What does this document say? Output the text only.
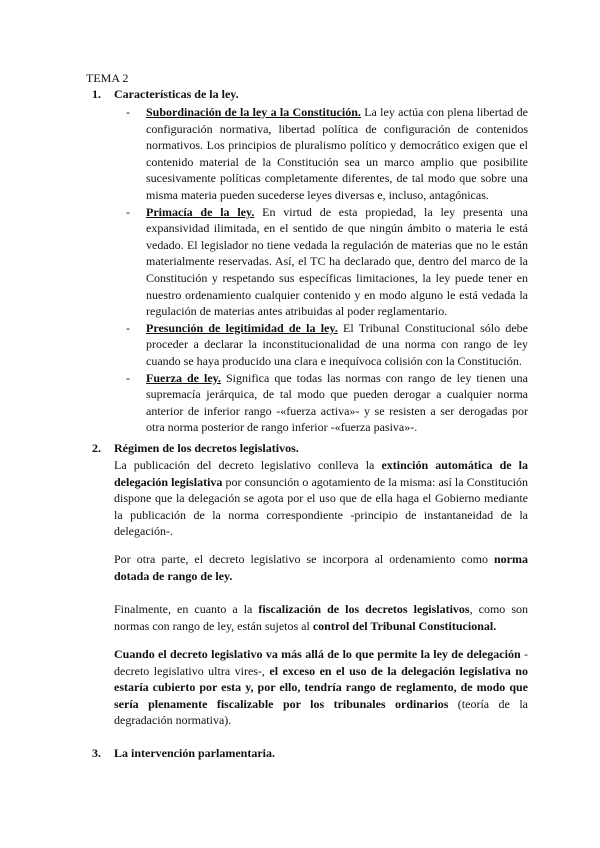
TEMA 2
1. Características de la ley.
- Subordinación de la ley a la Constitución. La ley actúa con plena libertad de configuración normativa, libertad política de configuración de contenidos normativos. Los principios de pluralismo político y democrático exigen que el contenido material de la Constitución sea un marco amplio que posibilite sucesivamente políticas completamente diferentes, de tal modo que sobre una misma materia pueden sucederse leyes diversas e, incluso, antagónicas.
- Primacía de la ley. En virtud de esta propiedad, la ley presenta una expansividad ilimitada, en el sentido de que ningún ámbito o materia le está vedado. El legislador no tiene vedada la regulación de materias que no le están materialmente reservadas. Así, el TC ha declarado que, dentro del marco de la Constitución y respetando sus específicas limitaciones, la ley puede tener en nuestro ordenamiento cualquier contenido y en modo alguno le está vedada la regulación de materias antes atribuidas al poder reglamentario.
- Presunción de legitimidad de la ley. El Tribunal Constitucional sólo debe proceder a declarar la inconstitucionalidad de una norma con rango de ley cuando se haya producido una clara e inequívoca colisión con la Constitución.
- Fuerza de ley. Significa que todas las normas con rango de ley tienen una supremacía jerárquica, de tal modo que pueden derogar a cualquier norma anterior de inferior rango -«fuerza activa»- y se resisten a ser derogadas por otra norma posterior de rango inferior -«fuerza pasiva»-.
2. Régimen de los decretos legislativos.
La publicación del decreto legislativo conlleva la extinción automática de la delegación legislativa por consunción o agotamiento de la misma: así la Constitución dispone que la delegación se agota por el uso que de ella haga el Gobierno mediante la publicación de la norma correspondiente -principio de instantaneidad de la delegación-.
Por otra parte, el decreto legislativo se incorpora al ordenamiento como norma dotada de rango de ley.
Finalmente, en cuanto a la fiscalización de los decretos legislativos, como son normas con rango de ley, están sujetos al control del Tribunal Constitucional.
Cuando el decreto legislativo va más allá de lo que permite la ley de delegación -decreto legislativo ultra vires-, el exceso en el uso de la delegación legislativa no estaría cubierto por esta y, por ello, tendría rango de reglamento, de modo que sería plenamente fiscalizable por los tribunales ordinarios (teoría de la degradación normativa).
3. La intervención parlamentaria.
